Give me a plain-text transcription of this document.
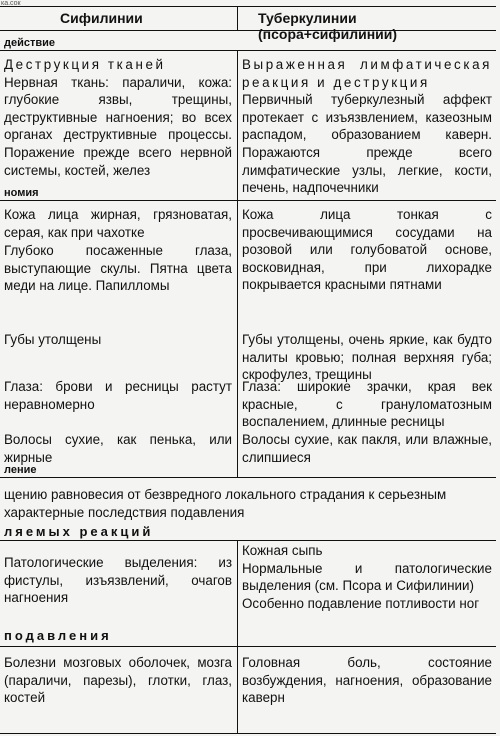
ка.сок
Сифилинии	Туберкулинии (псора+сифилинии)
действие

Деструкция тканей

Нервная ткань: параличи, кожа: глубокие язвы, трещины, деструктивные нагноения; во всех органах деструктивные процессы. Поражение прежде всего нервной системы, костей, желез

Выраженная лимфатическая реакция и деструкция

Первичный туберкулезный аффект протекает с изъязвлением, казеозным распадом, образованием каверн. Поражаются прежде всего лимфатические узлы, легкие, кости, печень, надпочечники

номия
Кожа лица жирная, грязноватая, серая, как при чахотке
Кожа лица тонкая с просвечивающимися сосудами на розовой или голубоватой основе, восковидная, при лихорадке покрывается красными пятнами
Глубоко посаженные глаза, выступающие скулы. Пятна цвета меди на лице. Папилломы
Губы утолщены	Губы утолщены, очень яркие, как будто налиты кровью; полная верхняя губа; скрофулез, трещины
Глаза: брови и ресницы растут неравномерно
Глаза: широкие зрачки, края век красные, с грануломатозным воспалением, длинные ресницы
Волосы сухие, как пенька, или жирные
Волосы сухие, как пакля, или влажные, слипшиеся
ление
щению равновесия от безвредного локального страдания к серьезным характерные последствия подавления
ляемых реакций
Патологические выделения: из фистулы, изъязвлений, очагов нагноения

Кожная сыпь

Нормальные и патологические выделения (см. Псора и Сифилинии)

Особенно подавление потливости ног

подавления
Болезни мозговых оболочек, мозга (параличи, парезы), глотки, глаз, костей
Головная боль, состояние возбуждения, нагноения, образование каверн
